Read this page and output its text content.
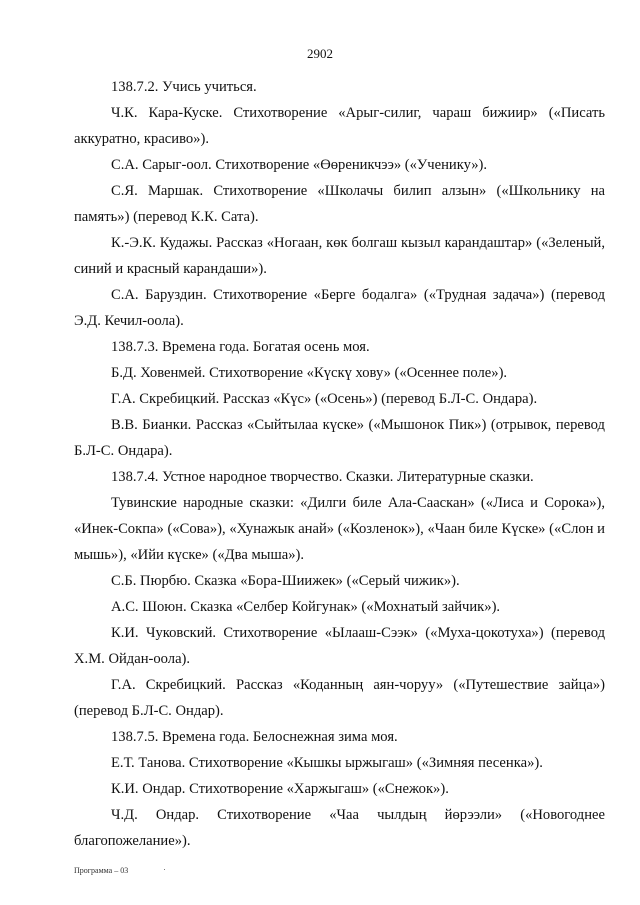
2902

138.7.2. Учись учиться.

Ч.К. Кара-Куске. Стихотворение «Арыг-силиг, чараш бижиир» («Писать аккуратно, красиво»).

С.А. Сарыг-оол. Стихотворение «Өөреникчээ» («Ученику»).

С.Я. Маршак. Стихотворение «Школачы билип алзын» («Школьнику на память») (перевод К.К. Сата).

К.-Э.К. Кудажы. Рассказ «Ногаан, көк болгаш кызыл карандаштар» («Зеленый, синий и красный карандаши»).

С.А. Баруздин. Стихотворение «Берге бодалга» («Трудная задача») (перевод Э.Д. Кечил-оола).

138.7.3. Времена года. Богатая осень моя.

Б.Д. Ховенмей. Стихотворение «Күскү хову» («Осеннее поле»).

Г.А. Скребицкий. Рассказ «Күс» («Осень») (перевод Б.Л-С. Ондара).

В.В. Бианки. Рассказ «Сыйтылаа күске» («Мышонок Пик») (отрывок, перевод Б.Л-С. Ондара).

138.7.4. Устное народное творчество. Сказки. Литературные сказки.

Тувинские народные сказки: «Дилги биле Ала-Сааскан» («Лиса и Сорока»), «Инек-Сокпа» («Сова»), «Хунажык анай» («Козленок»), «Чаан биле Күске» («Слон и мышь»), «Ийи күске» («Два мыша»).

С.Б. Пюрбю. Сказка «Бора-Шиижек» («Серый чижик»).

А.С. Шоюн. Сказка «Селбер Койгунак» («Мохнатый зайчик»).

К.И. Чуковский. Стихотворение «Ылааш-Сээк» («Муха-цокотуха») (перевод Х.М. Ойдан-оола).

Г.А. Скребицкий. Рассказ «Коданның аян-чоруу» («Путешествие зайца») (перевод Б.Л-С. Ондар).

138.7.5. Времена года. Белоснежная зима моя.

Е.Т. Танова. Стихотворение «Кышкы ыржыгаш» («Зимняя песенка»).

К.И. Ондар. Стихотворение «Харжыгаш» («Снежок»).

Ч.Д. Ондар. Стихотворение «Чаа чылдың йөрээли» («Новогоднее благопожелание»).

Программа – 03
